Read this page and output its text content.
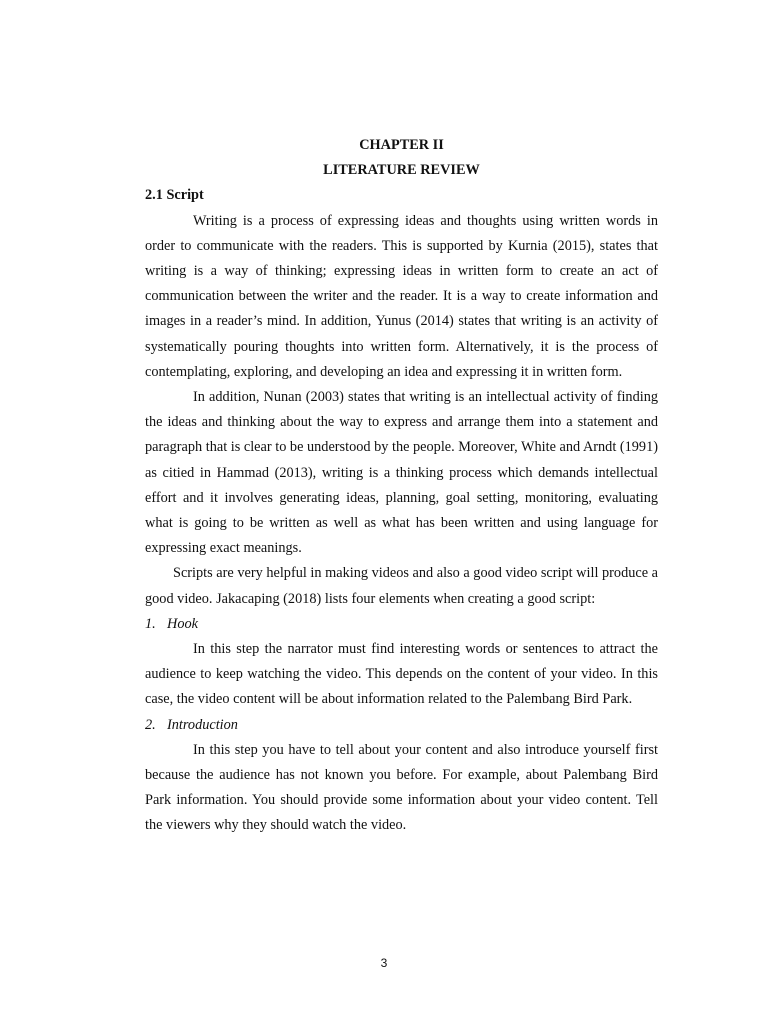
CHAPTER II

LITERATURE REVIEW

2.1 Script

Writing is a process of expressing ideas and thoughts using written words in order to communicate with the readers. This is supported by Kurnia (2015), states that writing is a way of thinking; expressing ideas in written form to create an act of communication between the writer and the reader. It is a way to create information and images in a reader’s mind. In addition, Yunus (2014) states that writing is an activity of systematically pouring thoughts into written form. Alternatively, it is the process of contemplating, exploring, and developing an idea and expressing it in written form.

In addition, Nunan (2003) states that writing is an intellectual activity of finding the ideas and thinking about the way to express and arrange them into a statement and paragraph that is clear to be understood by the people. Moreover, White and Arndt (1991) as citied in Hammad (2013), writing is a thinking process which demands intellectual effort and it involves generating ideas, planning, goal setting, monitoring, evaluating what is going to be written as well as what has been written and using language for expressing exact meanings.

Scripts are very helpful in making videos and also a good video script will produce a good video. Jakacaping (2018) lists four elements when creating a good script:

1. Hook

In this step the narrator must find interesting words or sentences to attract the audience to keep watching the video. This depends on the content of your video. In this case, the video content will be about information related to the Palembang Bird Park.

2. Introduction

In this step you have to tell about your content and also introduce yourself first because the audience has not known you before. For example, about Palembang Bird Park information. You should provide some information about your video content. Tell the viewers why they should watch the video.

3
